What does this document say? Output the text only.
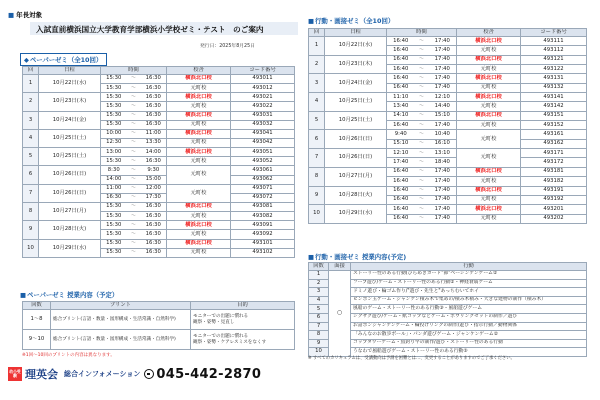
■ 年長対象
入試直前横浜国立大学教育学部横浜小学校ゼミ・テスト　のご案内
発行日：2025年8月25日
◆ペーパーゼミ（全10回）
回	日程	時間			校舎	コード番号
1	10月22日(水)	15:30	～	16:30	横浜北口校	493011
		15:30	～	16:30	元町校	493012
2	10月23日(木)	15:30	～	16:30	横浜北口校	493021
		15:30	～	16:30	元町校	493022
3	10月24日(金)	15:30	～	16:30	横浜北口校	493031
		15:30	～	16:30	元町校	493032
4	10月25日(土)	10:00	～	11:00	横浜北口校	493041
		12:30	～	13:30	元町校	493042
5	10月25日(土)	13:00	～	14:00	横浜北口校	493051
		15:30	～	16:30	元町校	493052
6	10月26日(日)	8:30	～	9:30	元町校	493061
		14:00	～	15:00		493062
7	10月26日(日)	11:00	～	12:00	元町校	493071
		16:30	～	17:30		493072
8	10月27日(月)	15:30	～	16:30	横浜北口校	493081
		15:30	～	16:30	元町校	493082
9	10月28日(火)	15:30	～	16:30	横浜北口校	493091
		15:30	～	16:30	元町校	493092
10	10月29日(水)	15:30	～	16:30	横浜北口校	493101
		15:30	～	16:30	元町校	493102
■ペーパーゼミ 授業内容（予定）
回数	プリント	目的
1～8	総合プリント(言語・数量・図形構成・生活常識・自然科学)	モニターでの出題に慣れる
観察・姿勢・見直し
9～10	総合プリント(言語・数量・図形構成・生活常識・自然科学)	モニターでの出題に慣れる
観察・姿勢・ケアレスミスをなくす
※1回～10回のプリントの内容は異なります。
■行動・画接ゼミ（全10回）
回	日程	時間			校舎	コード番号
1	10月22日(水)	16:40	～	17:40	横浜北口校	493111
		16:40	～	17:40	元町校	493112
2	10月23日(木)	16:40	～	17:40	横浜北口校	493121
		16:40	～	17:40	元町校	493122
3	10月24日(金)	16:40	～	17:40	横浜北口校	493131
		16:40	～	17:40	元町校	493132
4	10月25日(土)	11:10	～	12:10	横浜北口校	493141
		13:40	～	14:40	元町校	493142
5	10月25日(土)	14:10	～	15:10	横浜北口校	493151
		16:40	～	17:40	元町校	493152
6	10月26日(日)	9:40	～	10:40	元町校	493161
		15:10	～	16:10		493162
7	10月26日(日)	12:10	～	13:10	元町校	493171
		17:40	～	18:40		493172
8	10月27日(月)	16:40	～	17:40	横浜北口校	493181
		16:40	～	17:40	元町校	493182
9	10月28日(火)	16:40	～	17:40	横浜北口校	493191
		16:40	～	17:40	元町校	493192
10	10月29日(水)	16:40	～	17:40	横浜北口校	493201
		16:40	～	17:40	元町校	493202
■行動・画接ゼミ 授業内容(予定)
回数	面接	行動
1	○	ストーリー性のある行動(ひらめきカード"節"ベーシンケンゲーム②
2		フープ遊び/ゲーム・ストーリー性のある行動②・神経衰弱ゲーム
3		ドミノ遊び・輪ゴム作り/"遊び・先生と"あっちむいてホイ
4		ビンボン玉ゲーム・ジャンケン積み木で集めの/積み木積み・大きな建物の制作（積み木）
5		風船のゲーム・ストーリー性のある行動③・風船遊びゲーム
6		シグザグ遊び/ゲーム・紙コップなどゲーム・ボウリングセットの制作／遊び
7		お話ボンジャンケンゲーム・輪投げリングの制作/遊び・指示行動／動物関係
8		「みんなのお散歩ボール」・パンダ遊びゲーム・ジャンケンゲーム②
9		コップタワーゲーム・魚釣り竿の制作/遊び・ストーリー性のある行動
10		うなわで風船遊びゲーム・ストーリー性のある行動⑤
※ すべてのカリキュラムは、受講動向は予測を困難とは…、変更することがありますのでご了承ください。
幼小受験 理英会 総合インフォメーション 045-442-2870
